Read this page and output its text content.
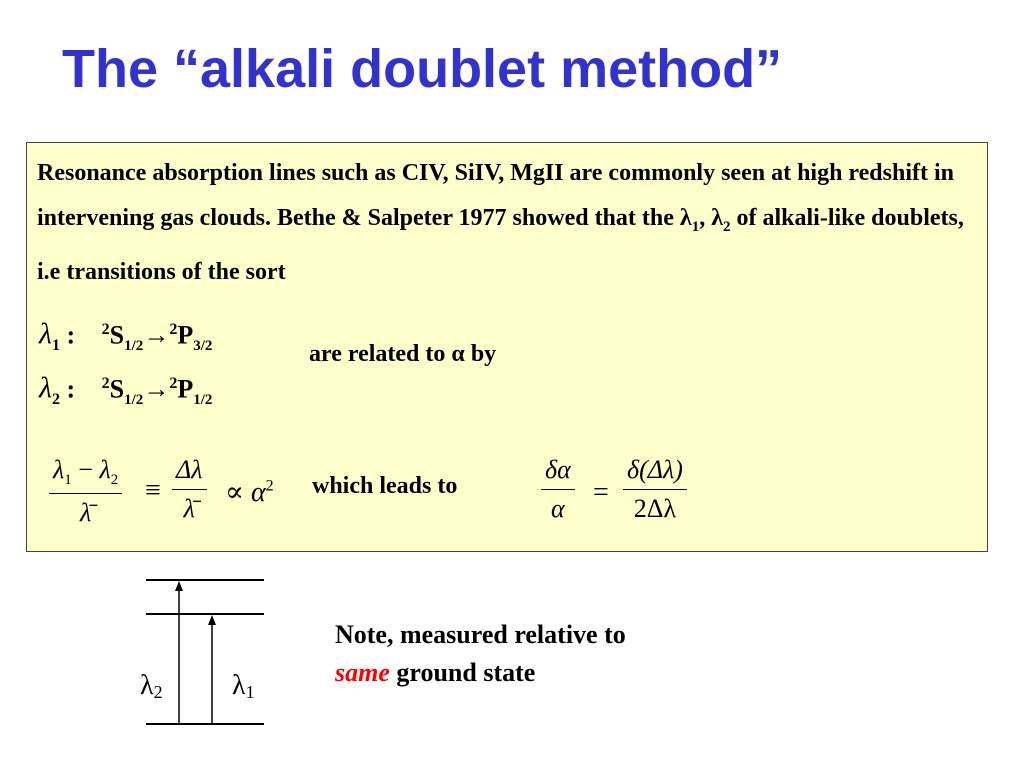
The “alkali doublet method”

Resonance absorption lines such as CIV, SiIV, MgII are commonly seen at high redshift in intervening gas clouds. Bethe & Salpeter 1977 showed that the $\lambda_1$, $\lambda_2$ of alkali-like doublets, i.e transitions of the sort

$\lambda_1$ : $^2S_{1/2}\to^2P_{3/2}$
$\lambda_2$ : $^2S_{1/2}\to^2P_{1/2}$
are related to α by
$\frac{\lambda_1 - \lambda_2}{\lambdā} \equiv \frac{\Delta\lambda}{\lambdā} \propto \alpha^2$ which leads to	$\frac{\delta\alpha}{\alpha} = \frac{\delta(\Delta\lambda)}{2\Delta\lambda}$
λ2 λ1

Note, measured relative to
same ground state
